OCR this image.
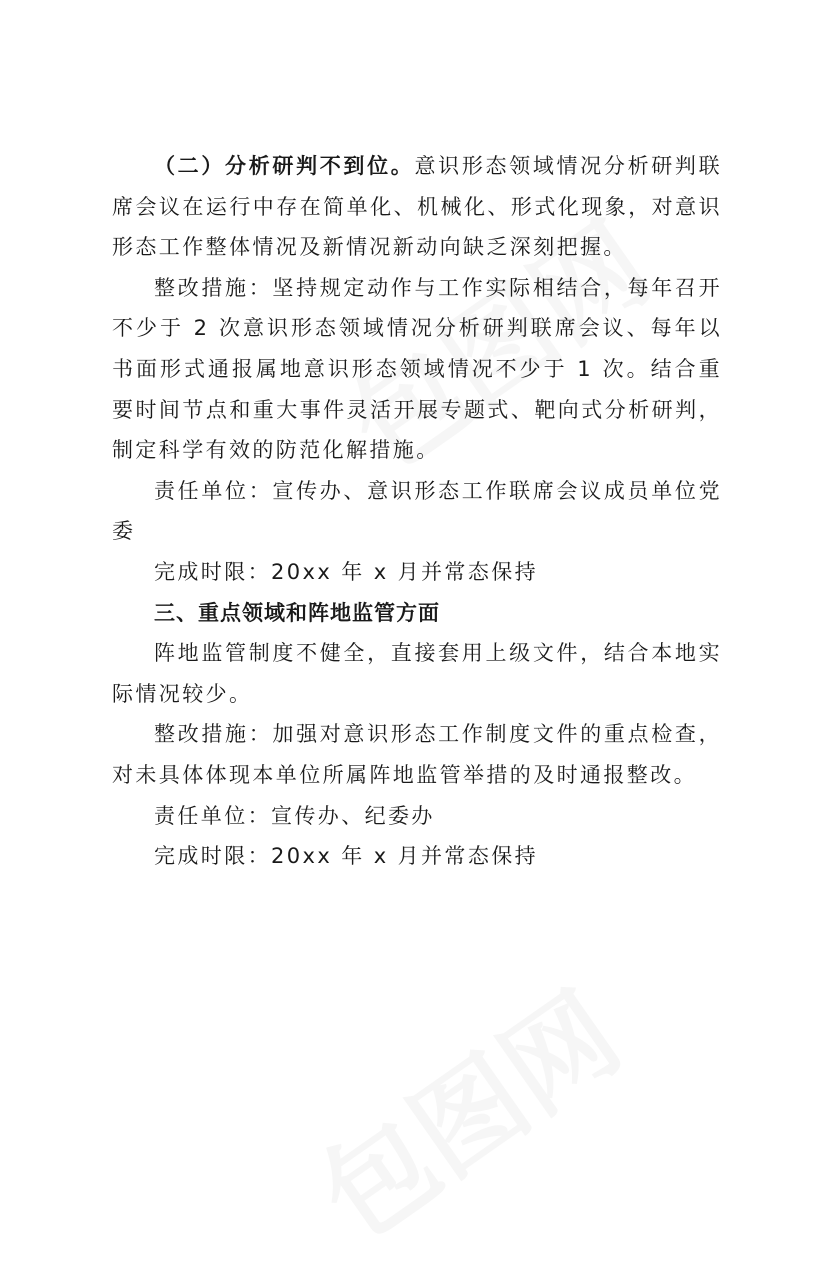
（二）分析研判不到位。意识形态领域情况分析研判联席会议在运行中存在简单化、机械化、形式化现象，对意识形态工作整体情况及新情况新动向缺乏深刻把握。

整改措施：坚持规定动作与工作实际相结合，每年召开不少于 2 次意识形态领域情况分析研判联席会议、每年以书面形式通报属地意识形态领域情况不少于 1 次。结合重要时间节点和重大事件灵活开展专题式、靶向式分析研判，制定科学有效的防范化解措施。

责任单位：宣传办、意识形态工作联席会议成员单位党委

完成时限：20xx 年 x 月并常态保持

三、重点领域和阵地监管方面

阵地监管制度不健全，直接套用上级文件，结合本地实际情况较少。

整改措施：加强对意识形态工作制度文件的重点检查，对未具体体现本单位所属阵地监管举措的及时通报整改。

责任单位：宣传办、纪委办

完成时限：20xx 年 x 月并常态保持
